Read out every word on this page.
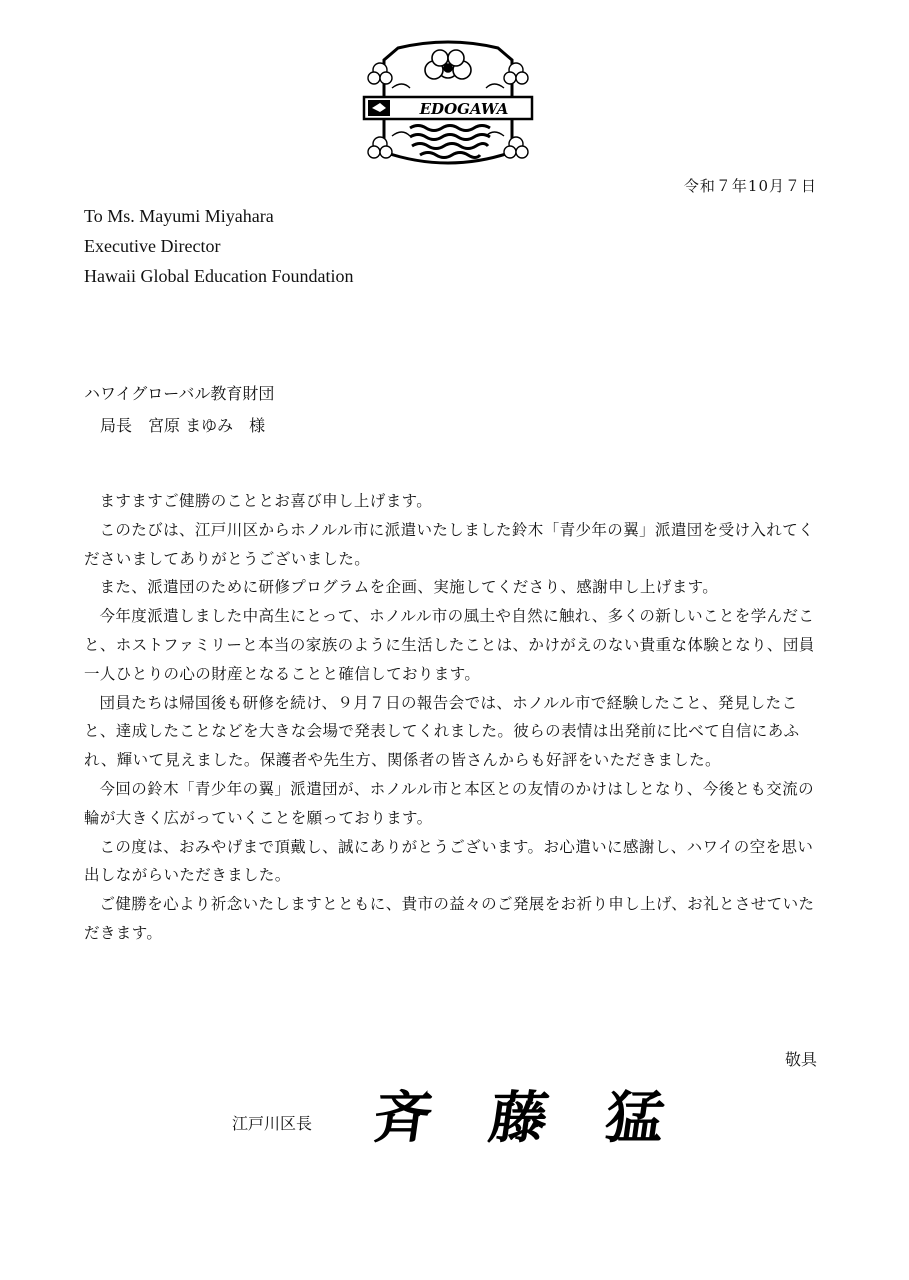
EDOGAWA
令和７年10月７日
To Ms. Mayumi Miyahara
Executive Director
Hawaii Global Education Foundation
ハワイグローバル教育財団
局長　宮原 まゆみ　様

ますますご健勝のこととお喜び申し上げます。

このたびは、江戸川区からホノルル市に派遣いたしました鈴木「青少年の翼」派遣団を受け入れてくださいましてありがとうございました。

また、派遣団のために研修プログラムを企画、実施してくださり、感謝申し上げます。

今年度派遣しました中高生にとって、ホノルル市の風土や自然に触れ、多くの新しいことを学んだこと、ホストファミリーと本当の家族のように生活したことは、かけがえのない貴重な体験となり、団員一人ひとりの心の財産となることと確信しております。

団員たちは帰国後も研修を続け、９月７日の報告会では、ホノルル市で経験したこと、発見したこと、達成したことなどを大きな会場で発表してくれました。彼らの表情は出発前に比べて自信にあふれ、輝いて見えました。保護者や先生方、関係者の皆さんからも好評をいただきました。

今回の鈴木「青少年の翼」派遣団が、ホノルル市と本区との友情のかけはしとなり、今後とも交流の輪が大きく広がっていくことを願っております。

この度は、おみやげまで頂戴し、誠にありがとうございます。お心遣いに感謝し、ハワイの空を思い出しながらいただきました。

ご健勝を心より祈念いたしますとともに、貴市の益々のご発展をお祈り申し上げ、お礼とさせていただきます。

敬具
江戸川区長 斉　藤　猛
